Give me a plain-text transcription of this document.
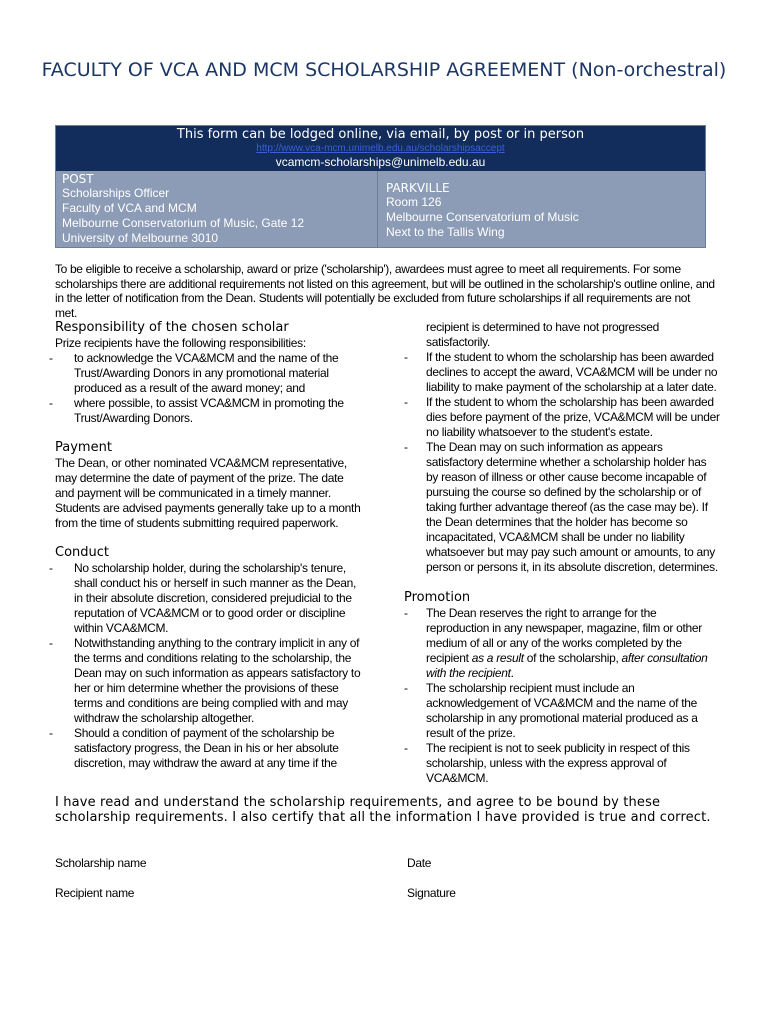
FACULTY OF VCA AND MCM SCHOLARSHIP AGREEMENT (Non-orchestral)
This form can be lodged online, via email, by post or in person
http://www.vca-mcm.unimelb.edu.au/scholarshipsaccept
vcamcm-scholarships@unimelb.edu.au
POST
Scholarships Officer
Faculty of VCA and MCM
Melbourne Conservatorium of Music, Gate 12
University of Melbourne 3010
PARKVILLE
Room 126
Melbourne Conservatorium of Music
Next to the Tallis Wing

To be eligible to receive a scholarship, award or prize ('scholarship'), awardees must agree to meet all requirements. For some scholarships there are additional requirements not listed on this agreement, but will be outlined in the scholarship's outline online, and in the letter of notification from the Dean. Students will potentially be excluded from future scholarships if all requirements are not met.

Responsibility of the chosen scholar

Prize recipients have the following responsibilities:

- to acknowledge the VCA&MCM and the name of the Trust/Awarding Donors in any promotional material produced as a result of the award money; and
- where possible, to assist VCA&MCM in promoting the Trust/Awarding Donors.
Payment

The Dean, or other nominated VCA&MCM representative, may determine the date of payment of the prize. The date and payment will be communicated in a timely manner. Students are advised payments generally take up to a month from the time of students submitting required paperwork.

Conduct
- No scholarship holder, during the scholarship's tenure, shall conduct his or herself in such manner as the Dean, in their absolute discretion, considered prejudicial to the reputation of VCA&MCM or to good order or discipline within VCA&MCM.
- Notwithstanding anything to the contrary implicit in any of the terms and conditions relating to the scholarship, the Dean may on such information as appears satisfactory to her or him determine whether the provisions of these terms and conditions are being complied with and may withdraw the scholarship altogether.
- Should a condition of payment of the scholarship be satisfactory progress, the Dean in his or her absolute discretion, may withdraw the award at any time if the

recipient is determined to have not progressed satisfactorily.

- If the student to whom the scholarship has been awarded declines to accept the award, VCA&MCM will be under no liability to make payment of the scholarship at a later date.
- If the student to whom the scholarship has been awarded dies before payment of the prize, VCA&MCM will be under no liability whatsoever to the student's estate.
- The Dean may on such information as appears satisfactory determine whether a scholarship holder has by reason of illness or other cause become incapable of pursuing the course so defined by the scholarship or of taking further advantage thereof (as the case may be). If the Dean determines that the holder has become so incapacitated, VCA&MCM shall be under no liability whatsoever but may pay such amount or amounts, to any person or persons it, in its absolute discretion, determines.
Promotion
- The Dean reserves the right to arrange for the reproduction in any newspaper, magazine, film or other medium of all or any of the works completed by the recipient as a result of the scholarship, after consultation with the recipient.
- The scholarship recipient must include an acknowledgement of VCA&MCM and the name of the scholarship in any promotional material produced as a result of the prize.
- The recipient is not to seek publicity in respect of this scholarship, unless with the express approval of VCA&MCM.

I have read and understand the scholarship requirements, and agree to be bound by these scholarship requirements. I also certify that all the information I have provided is true and correct.

Scholarship name	Date
Recipient name	Signature
